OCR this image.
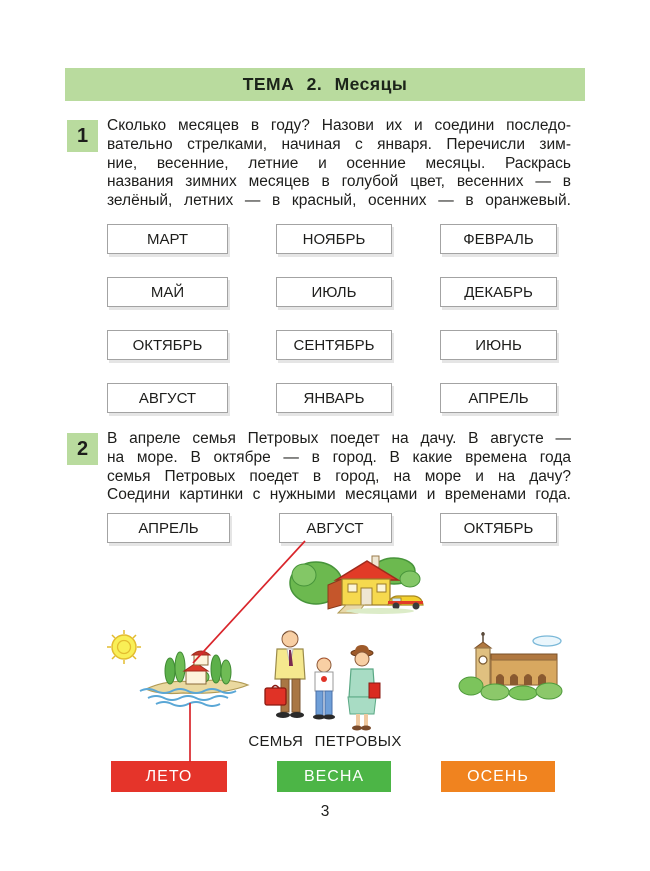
ТЕМА 2. Месяцы
1	Сколько месяцев в году? Назови их и соедини последо-
вательно стрелками, начиная с января. Перечисли зим-
ние, весенние, летние и осенние месяцы. Раскрась
названия зимних месяцев в голубой цвет, весенних — в
зелёный, летних — в красный, осенних — в оранжевый.
МАРТ	НОЯБРЬ	ФЕВРАЛЬ
МАЙ	ИЮЛЬ	ДЕКАБРЬ
ОКТЯБРЬ	СЕНТЯБРЬ	ИЮНЬ
АВГУСТ	ЯНВАРЬ	АПРЕЛЬ
2	В апреле семья Петровых поедет на дачу. В августе —
на море. В октябре — в город. В какие времена года
семья Петровых поедет в город, на море и на дачу?
Соедини картинки с нужными месяцами и временами года.
АПРЕЛЬ	АВГУСТ	ОКТЯБРЬ
СЕМЬЯ ПЕТРОВЫХ
ЛЕТО	ВЕСНА	ОСЕНЬ
3
